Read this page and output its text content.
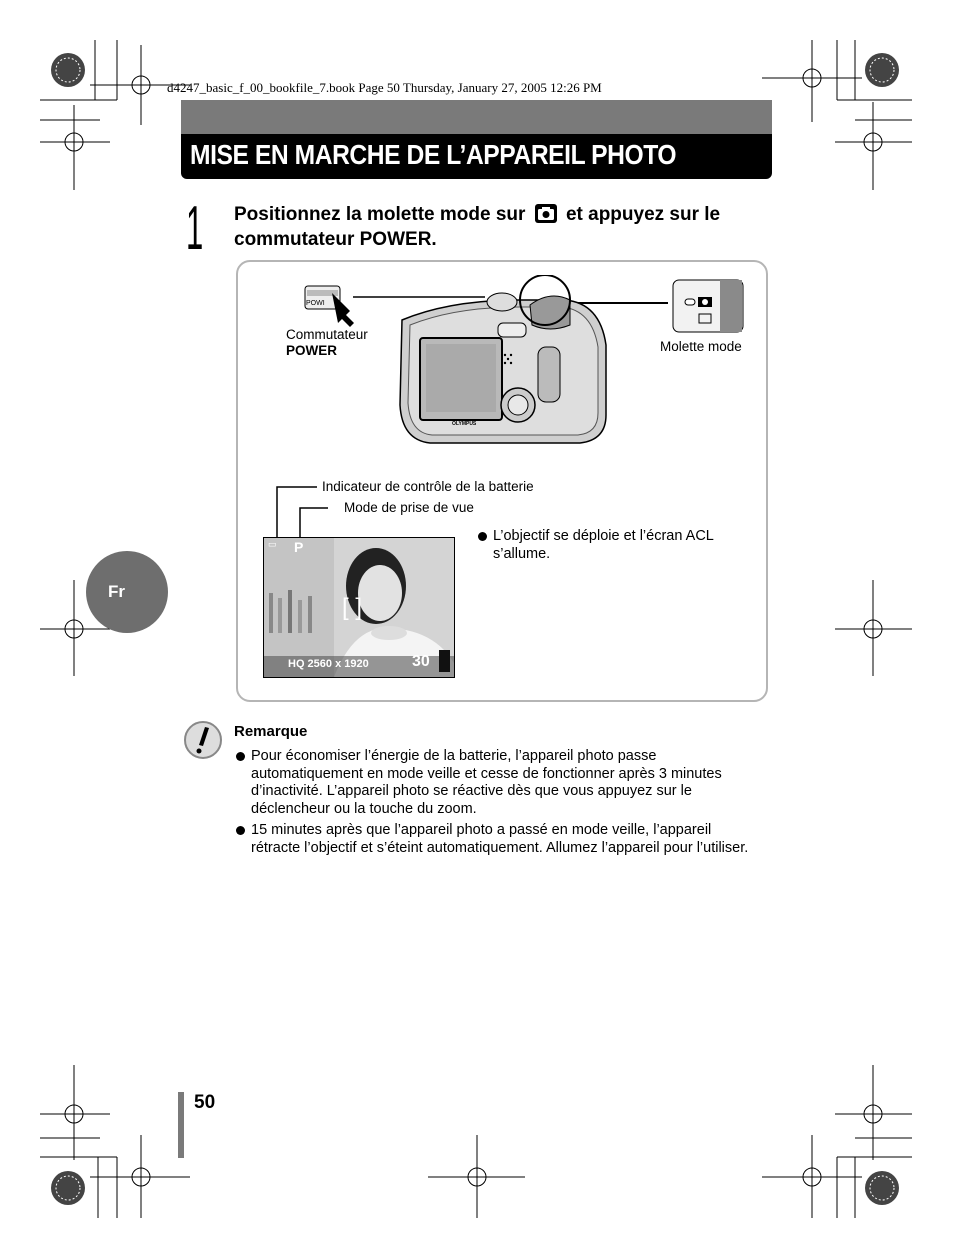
d4247_basic_f_00_bookfile_7.book Page 50 Thursday, January 27, 2005 12:26 PM
MISE EN MARCHE DE L’APPAREIL PHOTO
1 Positionnez la molette mode sur et appuyez sur le commutateur POWER.
OLYMPUS
Commutateur
POWER
POWI
Molette mode
Indicateur de contrôle de la batterie
Mode de prise de vue
▭ P
[ ]
HQ 2560 x 1920	30
L’objectif se déploie et l’écran ACL s’allume.
Fr
Remarque
Pour économiser l’énergie de la batterie, l’appareil photo passe automatiquement en mode veille et cesse de fonctionner après 3 minutes d’inactivité. L’appareil photo se réactive dès que vous appuyez sur le déclencheur ou la touche du zoom.
15 minutes après que l’appareil photo a passé en mode veille, l’appareil rétracte l’objectif et s’éteint automatiquement. Allumez l’appareil pour l’utiliser.
50
